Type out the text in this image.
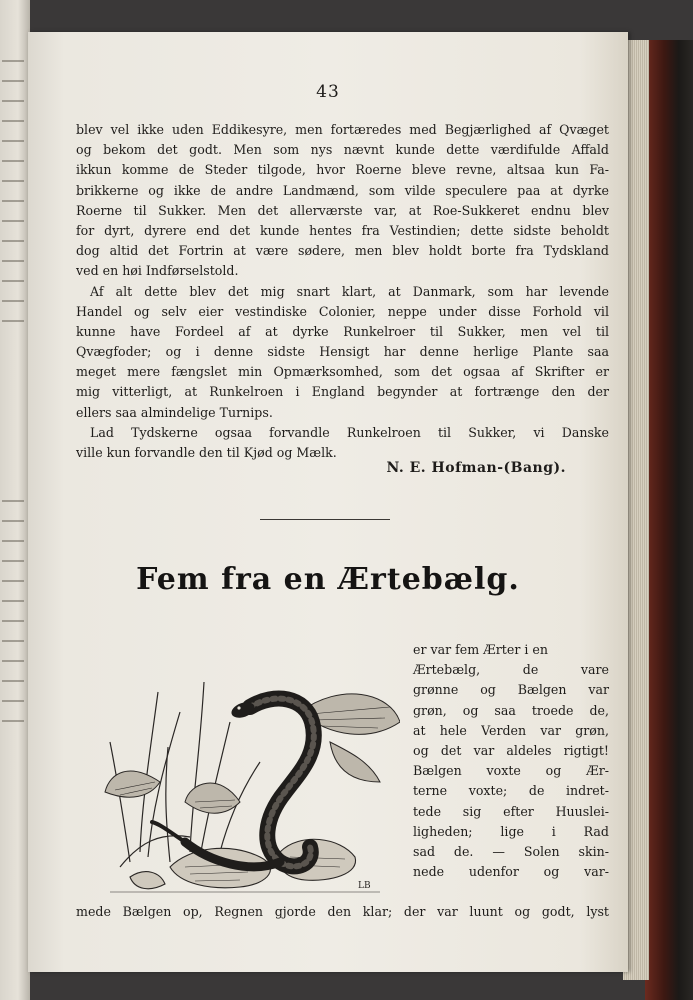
43
blev vel ikke uden Eddikesyre, men fortæredes med Begjærlighed af Qvæget
og bekom det godt. Men som nys nævnt kunde dette værdifulde Affald
ikkun komme de Steder tilgode, hvor Roerne bleve revne, altsaa kun Fa-
brikkerne og ikke de andre Landmænd, som vilde speculere paa at dyrke
Roerne til Sukker. Men det allerværste var, at Roe-Sukkeret endnu blev
for dyrt, dyrere end det kunde hentes fra Vestindien; dette sidste beholdt
dog altid det Fortrin at være sødere, men blev holdt borte fra Tydskland
ved en høi Indførselstold.
Af alt dette blev det mig snart klart, at Danmark, som har levende
Handel og selv eier vestindiske Colonier, neppe under disse Forhold vil
kunne have Fordeel af at dyrke Runkelroer til Sukker, men vel til
Qvægfoder; og i denne sidste Hensigt har denne herlige Plante saa
meget mere fængslet min Opmærksomhed, som det ogsaa af Skrifter er
mig vitterligt, at Runkelroen i England begynder at fortrænge den der
ellers saa almindelige Turnips.
Lad Tydskerne ogsaa forvandle Runkelroen til Sukker, vi Danske
ville kun forvandle den til Kjød og Mælk.
N. E. Hofman-(Bang).
Fem fra en Ærtebælg.
LB
er var fem Ærter i en
Ærtebælg, de vare
grønne og Bælgen var
grøn, og saa troede de,
at hele Verden var grøn,
og det var aldeles rigtigt!
Bælgen voxte og Ær-
terne voxte; de indret-
tede sig efter Huuslei-
ligheden; lige i Rad
sad de. — Solen skin-
nede udenfor og var-
mede Bælgen op, Regnen gjorde den klar; der var luunt og godt, lyst
